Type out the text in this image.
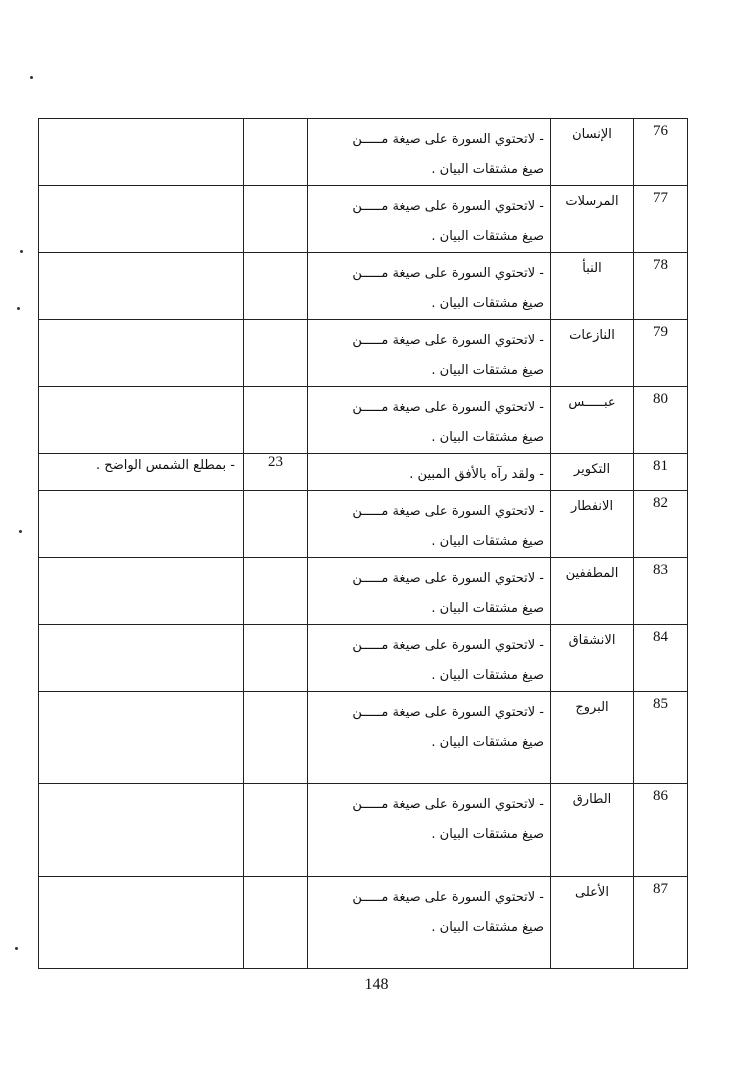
76	الإنسان	- لاتحتوي السورة على صيغة مـــــن
صيغ مشتقات البيان .		

77	المرسلات	- لاتحتوي السورة على صيغة مـــــن
صيغ مشتقات البيان .		

78	النبأ	- لاتحتوي السورة على صيغة مـــــن
صيغ مشتقات البيان .		

79	النازعات	- لاتحتوي السورة على صيغة مـــــن
صيغ مشتقات البيان .		

80	عبـــــس	- لاتحتوي السورة على صيغة مـــــن
صيغ مشتقات البيان .		

81	التكوير	- ولقد رآه بالأفق المبين .	23	- بمطلع الشمس الواضح .
82	الانفطار	- لاتحتوي السورة على صيغة مـــــن
صيغ مشتقات البيان .		

83	المطففين	- لاتحتوي السورة على صيغة مـــــن
صيغ مشتقات البيان .		

84	الانشقاق	- لاتحتوي السورة على صيغة مـــــن
صيغ مشتقات البيان .		

85	البروج	- لاتحتوي السورة على صيغة مـــــن
صيغ مشتقات البيان .		

86	الطارق	- لاتحتوي السورة على صيغة مـــــن
صيغ مشتقات البيان .		

87	الأعلى	- لاتحتوي السورة على صيغة مـــــن
صيغ مشتقات البيان .		

148
